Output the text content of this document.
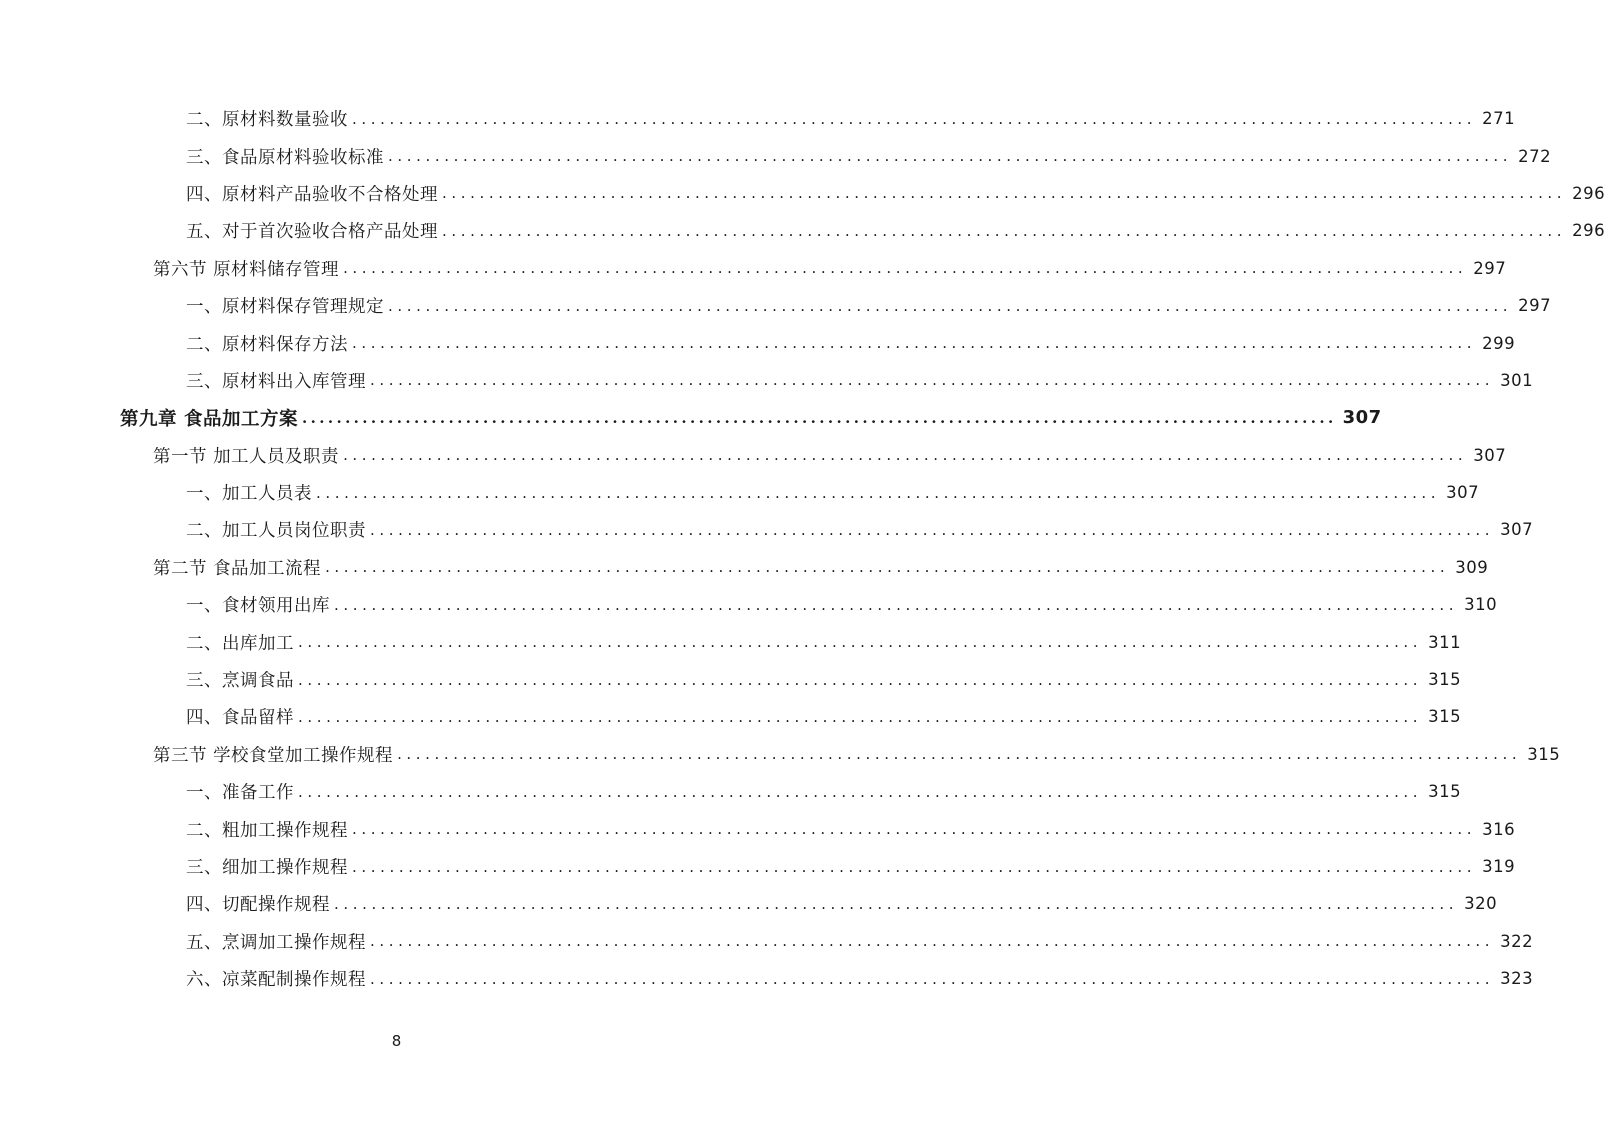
二、原材料数量验收 ........................................................................................................................ 271
三、食品原材料验收标准 ........................................................................................................................ 272
四、原材料产品验收不合格处理 ........................................................................................................................ 296
五、对于首次验收合格产品处理 ........................................................................................................................ 296
第六节 原材料储存管理 ........................................................................................................................ 297
一、原材料保存管理规定 ........................................................................................................................ 297
二、原材料保存方法 ........................................................................................................................ 299
三、原材料出入库管理 ........................................................................................................................ 301
第九章 食品加工方案 ........................................................................................................................ 307
第一节 加工人员及职责 ........................................................................................................................ 307
一、加工人员表 ........................................................................................................................ 307
二、加工人员岗位职责 ........................................................................................................................ 307
第二节 食品加工流程 ........................................................................................................................ 309
一、食材领用出库 ........................................................................................................................ 310
二、出库加工 ........................................................................................................................ 311
三、烹调食品 ........................................................................................................................ 315
四、食品留样 ........................................................................................................................ 315
第三节 学校食堂加工操作规程 ........................................................................................................................ 315
一、准备工作 ........................................................................................................................ 315
二、粗加工操作规程 ........................................................................................................................ 316
三、细加工操作规程 ........................................................................................................................ 319
四、切配操作规程 ........................................................................................................................ 320
五、烹调加工操作规程 ........................................................................................................................ 322
六、凉菜配制操作规程 ........................................................................................................................ 323
8
